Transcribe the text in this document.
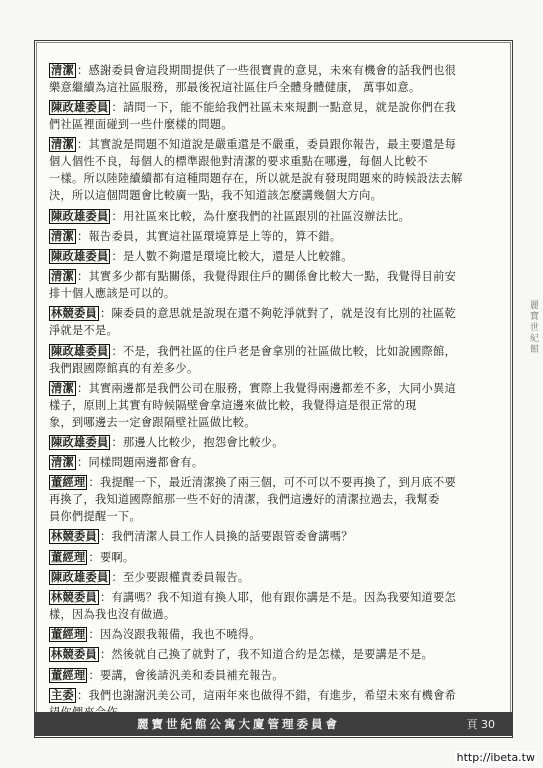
清潔 ：感謝委員會這段期間提供了一些很寶貴的意見，未來有機會的話我們也很
樂意繼續為這社區服務，那最後祝這社區住戶全體身體健康， 萬事如意。
陳政雄委員 ：請問一下，能不能給我們社區未來規劃一點意見，就是說你們在我
們社區裡面碰到一些什麼樣的問題。
清潔 ：其實說是問題不知道說是嚴重還是不嚴重，委員跟你報告，最主要還是每
個人個性不良，每個人的標準跟他對清潔的要求重點在哪邊，每個人比較不
一樣。所以陸陸續續都有這種問題存在，所以就是說有發現問題來的時候設法去解
決，所以這個問題會比較廣一點，我不知道該怎麼講幾個大方向。
陳政雄委員 ：用社區來比較，為什麼我們的社區跟別的社區沒辦法比。
清潔 ：報告委員，其實這社區環境算是上等的，算不錯。
陳政雄委員 ：是人數不夠還是環境比較大，還是人比較雜。
清潔 ：其實多少都有點關係，我覺得跟住戶的關係會比較大一點，我覺得目前安
排十個人應該是可以的。
林競委員 ：陳委員的意思就是說現在還不夠乾淨就對了，就是沒有比別的社區乾
淨就是不是。
陳政雄委員 ：不是，我們社區的住戶老是會拿別的社區做比較，比如說國際館，
我們跟國際館真的有差多少。
清潔 ：其實兩邊都是我們公司在服務，實際上我覺得兩邊都差不多，大同小異這
樣子，原則上其實有時候隔壁會拿這邊來做比較，我覺得這是很正常的現
象，到哪邊去一定會跟隔壁社區做比較。
陳政雄委員 ：那邊人比較少，抱怨會比較少。
清潔 ：同樣問題兩邊都會有。
董經理 ：我提醒一下，最近清潔換了兩三個，可不可以不要再換了，到月底不要
再換了，我知道國際館那一些不好的清潔，我們這邊好的清潔拉過去，我幫委
員你們提醒一下。
林競委員 ：我們清潔人員工作人員換的話要跟管委會講嗎？
董經理 ：要啊。
陳政雄委員 ：至少要跟權責委員報告。
林競委員 ：有講嗎？我不知道有換人耶，他有跟你講是不是。因為我要知道要怎
樣，因為我也沒有做過。
董經理 ：因為沒跟我報備，我也不曉得。
林競委員 ：然後就自己換了就對了，我不知道合約是怎樣，是要講是不是。
董經理 ：要講，會後請汎美和委員補充報告。
主委 ：我們也謝謝汎美公司，這兩年來也做得不錯，有進步，希望未來有機會希
麗寶世紀館公寓大廈管理委員會	頁 30
麗寶世紀館
http://ibeta.tw
